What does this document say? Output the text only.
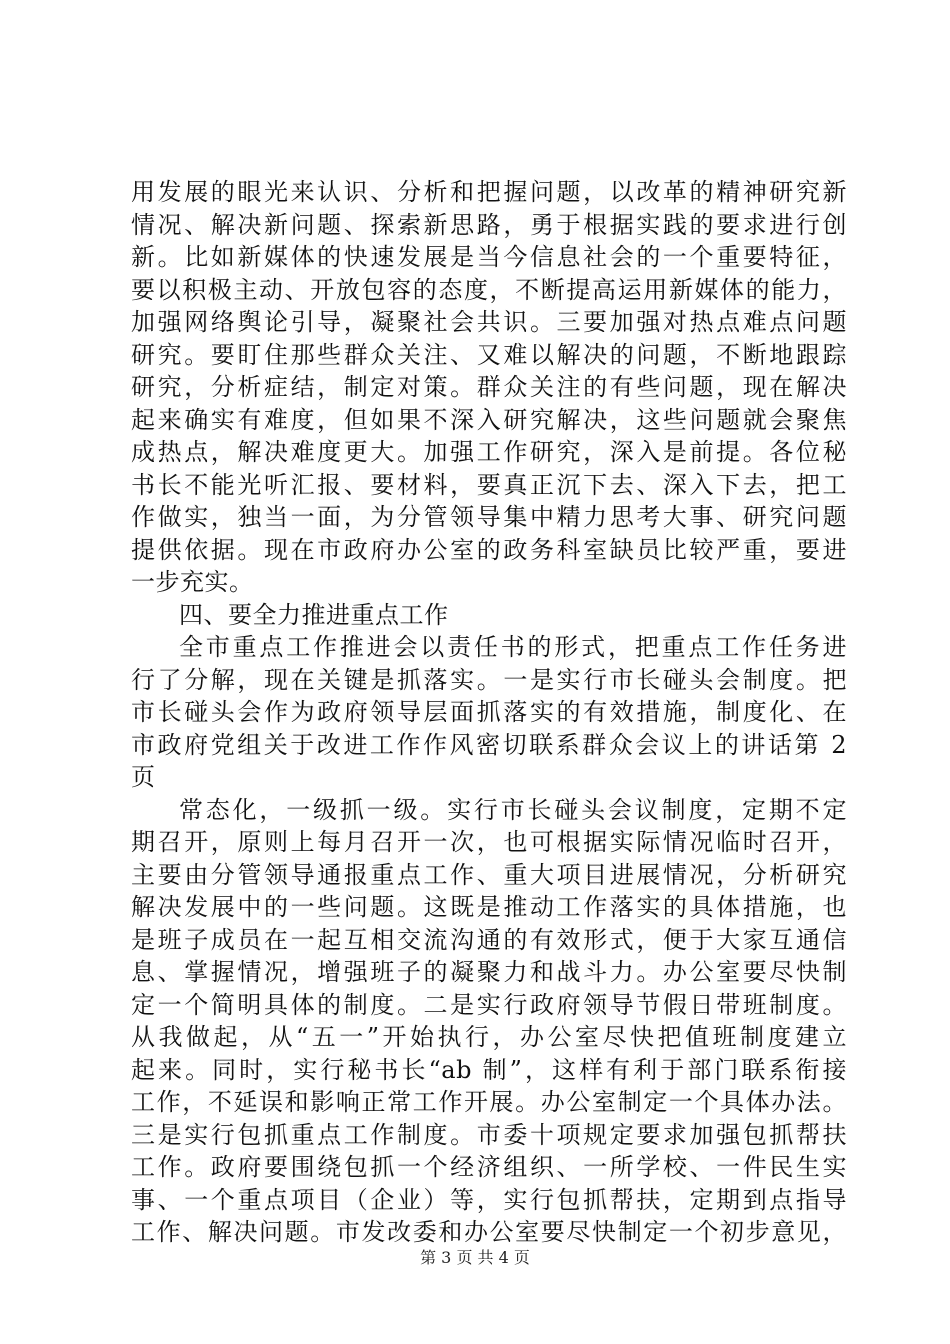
用发展的眼光来认识、分析和把握问题，以改革的精神研究新
情况、解决新问题、探索新思路，勇于根据实践的要求进行创
新。比如新媒体的快速发展是当今信息社会的一个重要特征，
要以积极主动、开放包容的态度，不断提高运用新媒体的能力，
加强网络舆论引导，凝聚社会共识。三要加强对热点难点问题
研究。要盯住那些群众关注、又难以解决的问题，不断地跟踪
研究，分析症结，制定对策。群众关注的有些问题，现在解决
起来确实有难度，但如果不深入研究解决，这些问题就会聚焦
成热点，解决难度更大。加强工作研究，深入是前提。各位秘
书长不能光听汇报、要材料，要真正沉下去、深入下去，把工
作做实，独当一面，为分管领导集中精力思考大事、研究问题
提供依据。现在市政府办公室的政务科室缺员比较严重，要进
一步充实。
四、要全力推进重点工作
全市重点工作推进会以责任书的形式，把重点工作任务进
行了分解，现在关键是抓落实。一是实行市长碰头会制度。把
市长碰头会作为政府领导层面抓落实的有效措施，制度化、在
市政府党组关于改进工作作风密切联系群众会议上的讲话第 2
页
常态化，一级抓一级。实行市长碰头会议制度，定期不定
期召开，原则上每月召开一次，也可根据实际情况临时召开，
主要由分管领导通报重点工作、重大项目进展情况，分析研究
解决发展中的一些问题。这既是推动工作落实的具体措施，也
是班子成员在一起互相交流沟通的有效形式，便于大家互通信
息、掌握情况，增强班子的凝聚力和战斗力。办公室要尽快制
定一个简明具体的制度。二是实行政府领导节假日带班制度。
从我做起，从“五一”开始执行，办公室尽快把值班制度建立
起来。同时，实行秘书长“ab 制”，这样有利于部门联系衔接
工作，不延误和影响正常工作开展。办公室制定一个具体办法。
三是实行包抓重点工作制度。市委十项规定要求加强包抓帮扶
工作。政府要围绕包抓一个经济组织、一所学校、一件民生实
事、一个重点项目（企业）等，实行包抓帮扶，定期到点指导
工作、解决问题。市发改委和办公室要尽快制定一个初步意见，
第 3 页 共 4 页
